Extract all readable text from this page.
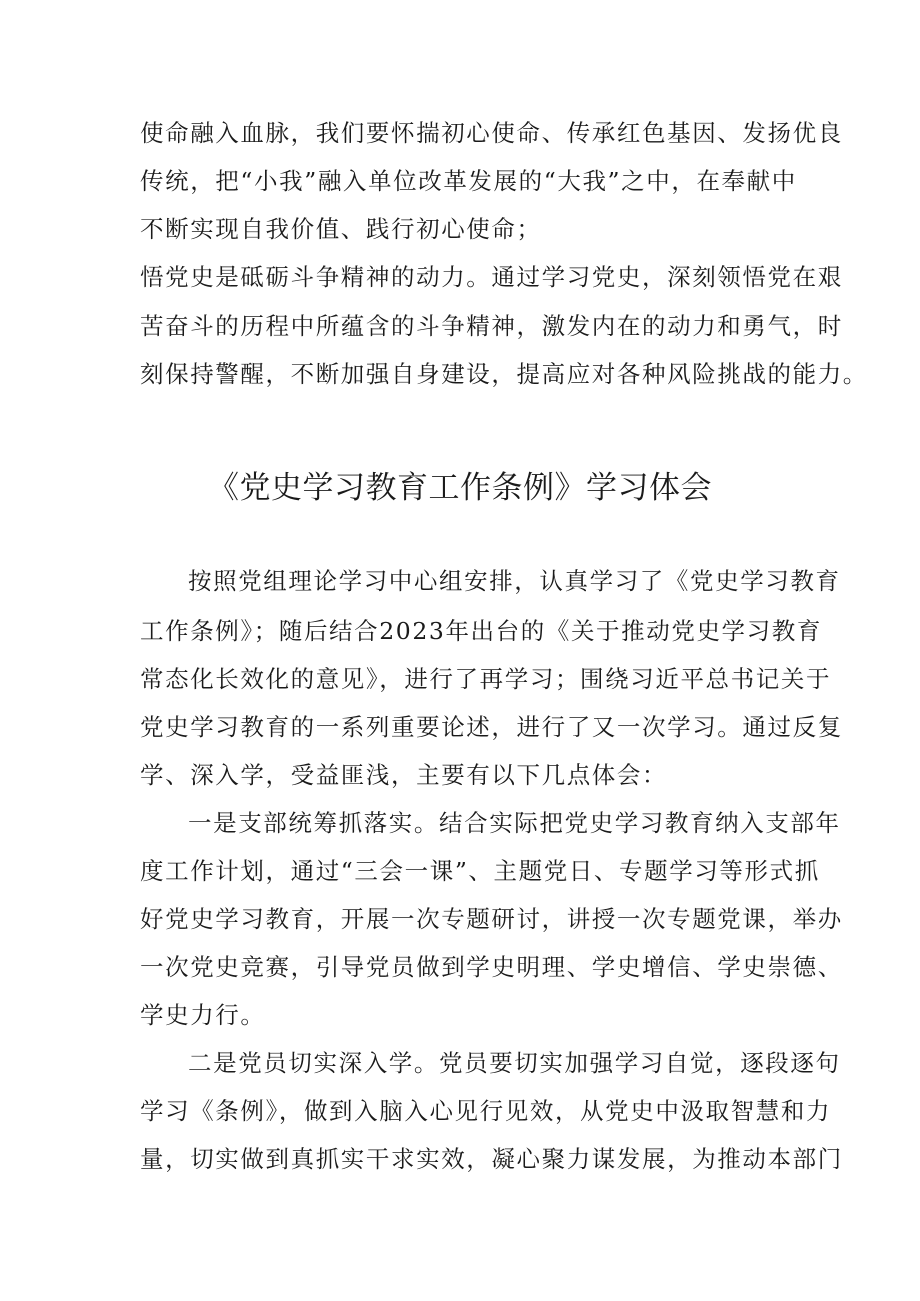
使命融入血脉，我们要怀揣初心使命、传承红色基因、发扬优良
传统，把“小我”融入单位改革发展的“大我”之中，在奉献中
不断实现自我价值、践行初心使命；
悟党史是砥砺斗争精神的动力。通过学习党史，深刻领悟党在艰
苦奋斗的历程中所蕴含的斗争精神，激发内在的动力和勇气，时
刻保持警醒，不断加强自身建设，提高应对各种风险挑战的能力。
《党史学习教育工作条例》学习体会
按照党组理论学习中心组安排，认真学习了《党史学习教育
工作条例》；随后结合2023年出台的《关于推动党史学习教育
常态化长效化的意见》，进行了再学习；围绕习近平总书记关于
党史学习教育的一系列重要论述，进行了又一次学习。通过反复
学、深入学，受益匪浅，主要有以下几点体会：
一是支部统筹抓落实。结合实际把党史学习教育纳入支部年
度工作计划，通过“三会一课”、主题党日、专题学习等形式抓
好党史学习教育，开展一次专题研讨，讲授一次专题党课，举办
一次党史竞赛，引导党员做到学史明理、学史增信、学史崇德、
学史力行。
二是党员切实深入学。党员要切实加强学习自觉，逐段逐句
学习《条例》，做到入脑入心见行见效，从党史中汲取智慧和力
量，切实做到真抓实干求实效，凝心聚力谋发展，为推动本部门
